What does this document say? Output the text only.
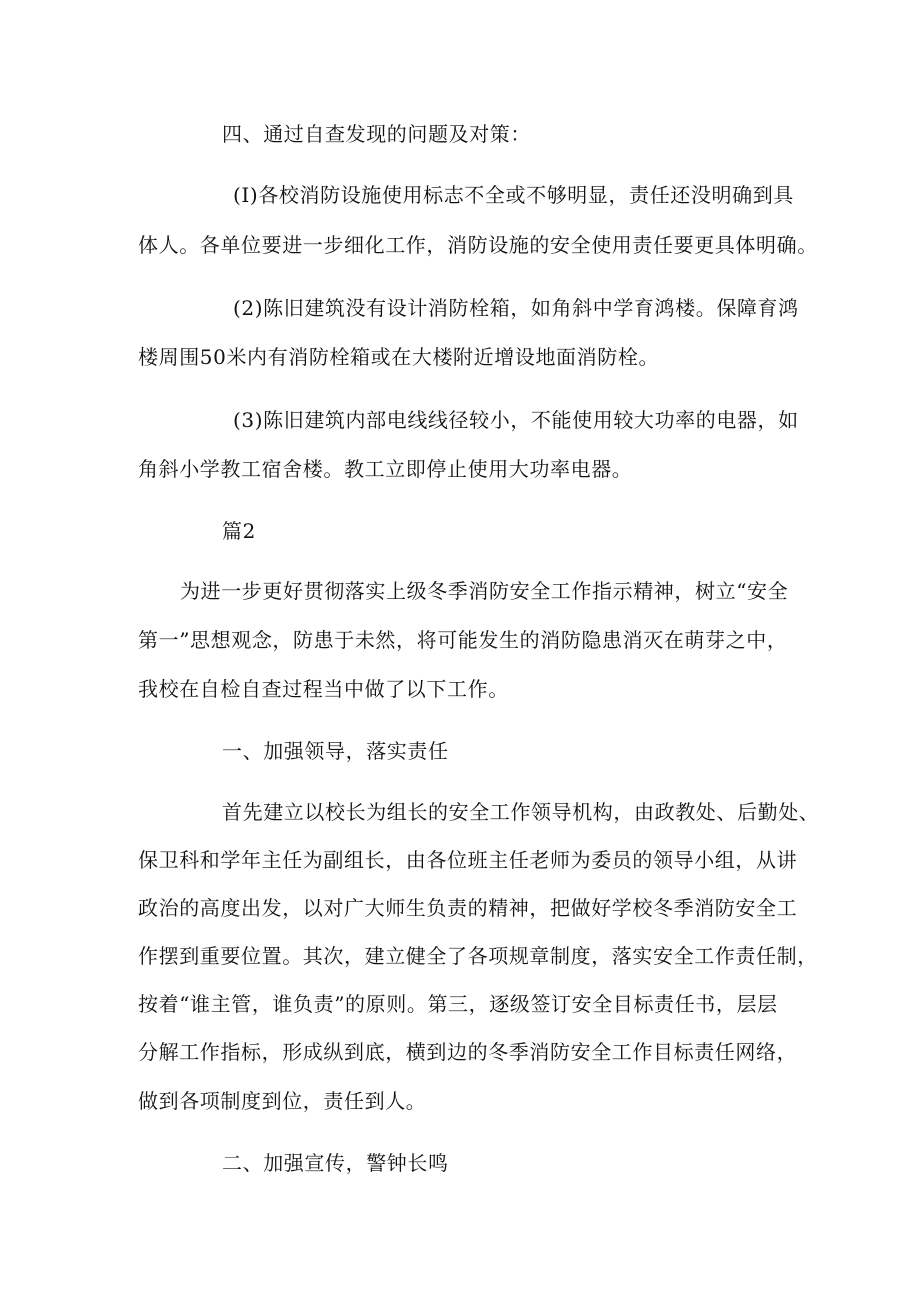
四、通过自查发现的问题及对策：
(I)各校消防设施使用标志不全或不够明显，责任还没明确到具
体人。各单位要进一步细化工作，消防设施的安全使用责任要更具体明确。
(2)陈旧建筑没有设计消防栓箱，如角斜中学育鸿楼。保障育鸿
楼周围50米内有消防栓箱或在大楼附近增设地面消防栓。
(3)陈旧建筑内部电线线径较小，不能使用较大功率的电器，如
角斜小学教工宿舍楼。教工立即停止使用大功率电器。
篇2
为进一步更好贯彻落实上级冬季消防安全工作指示精神，树立“安全
第一”思想观念，防患于未然，将可能发生的消防隐患消灭在萌芽之中，
我校在自检自查过程当中做了以下工作。
一、加强领导，落实责任
首先建立以校长为组长的安全工作领导机构，由政教处、后勤处、
保卫科和学年主任为副组长，由各位班主任老师为委员的领导小组，从讲
政治的高度出发，以对广大师生负责的精神，把做好学校冬季消防安全工
作摆到重要位置。其次，建立健全了各项规章制度，落实安全工作责任制，
按着“谁主管，谁负责”的原则。第三，逐级签订安全目标责任书，层层
分解工作指标，形成纵到底，横到边的冬季消防安全工作目标责任网络，
做到各项制度到位，责任到人。
二、加强宣传，警钟长鸣
